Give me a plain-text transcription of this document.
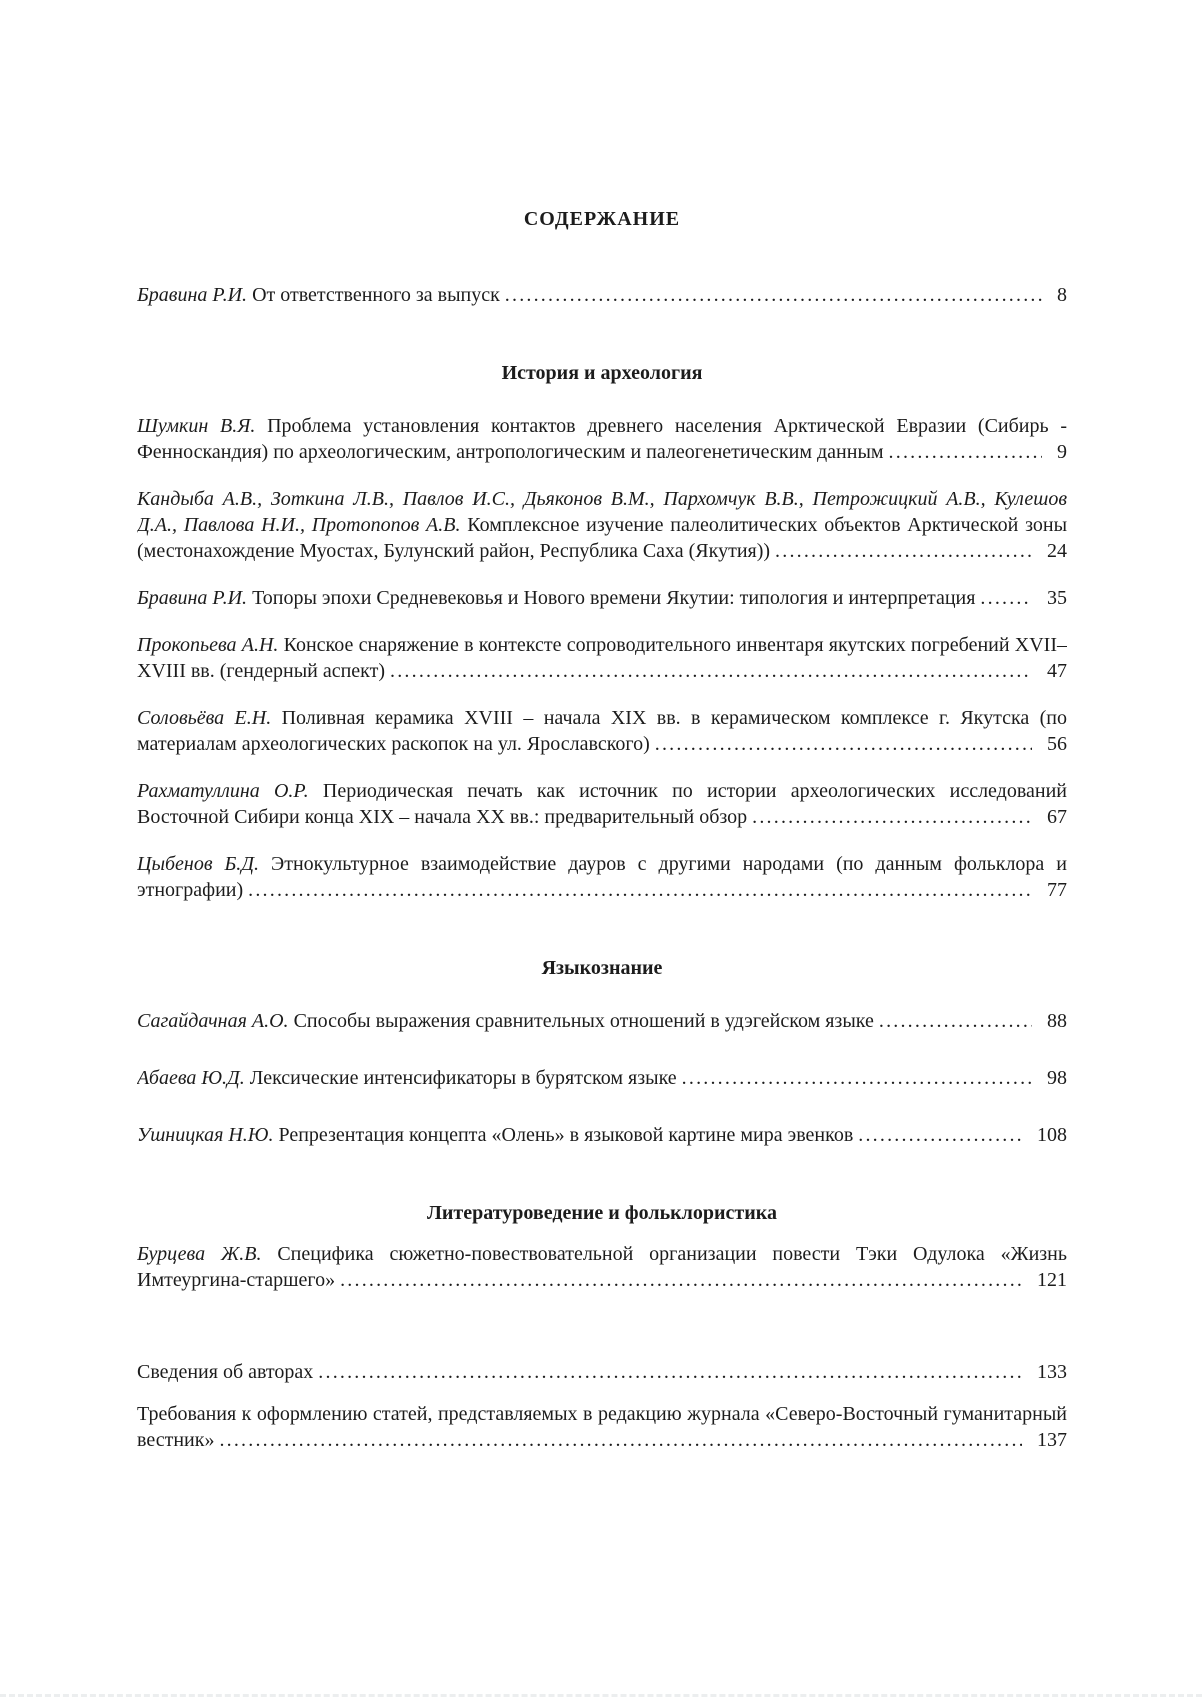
СОДЕРЖАНИЕ

Бравина Р.И. От ответственного за выпуск	8

История и археология

Шумкин В.Я. Проблема установления контактов древнего населения Арктической Евразии (Сибирь - Фенноскандия) по археологическим, антропологическим и палеогенетическим данным	9

Кандыба А.В., Зоткина Л.В., Павлов И.С., Дьяконов В.М., Пархомчук В.В., Петрожицкий А.В., Кулешов Д.А., Павлова Н.И., Протопопов А.В. Комплексное изучение палеолитических объектов Арктической зоны (местонахождение Муостах, Булунский район, Республика Саха (Якутия))	24

Бравина Р.И. Топоры эпохи Средневековья и Нового времени Якутии: типология и интерпретация	35

Прокопьева А.Н. Конское снаряжение в контексте сопроводительного инвентаря якутских погребений XVII–XVIII вв. (гендерный аспект)	47

Соловьёва Е.Н. Поливная керамика XVIII – начала XIX вв. в керамическом комплексе г. Якутска (по материалам археологических раскопок на ул. Ярославского)	56

Рахматуллина О.Р. Периодическая печать как источник по истории археологических исследований Восточной Сибири конца XIX – начала XX вв.: предварительный обзор	67

Цыбенов Б.Д. Этнокультурное взаимодействие дауров с другими народами (по данным фольклора и этнографии)	77

Языкознание

Сагайдачная А.О. Способы выражения сравнительных отношений в удэгейском языке	88

Абаева Ю.Д. Лексические интенсификаторы в бурятском языке	98

Ушницкая Н.Ю. Репрезентация концепта «Олень» в языковой картине мира эвенков	108

Литературоведение и фольклористика

Бурцева Ж.В. Специфика сюжетно-повествовательной организации повести Тэки Одулока «Жизнь Имтеургина-старшего»	121

Сведения об авторах	133

Требования к оформлению статей, представляемых в редакцию журнала «Северо-Восточный гуманитарный вестник»	137
